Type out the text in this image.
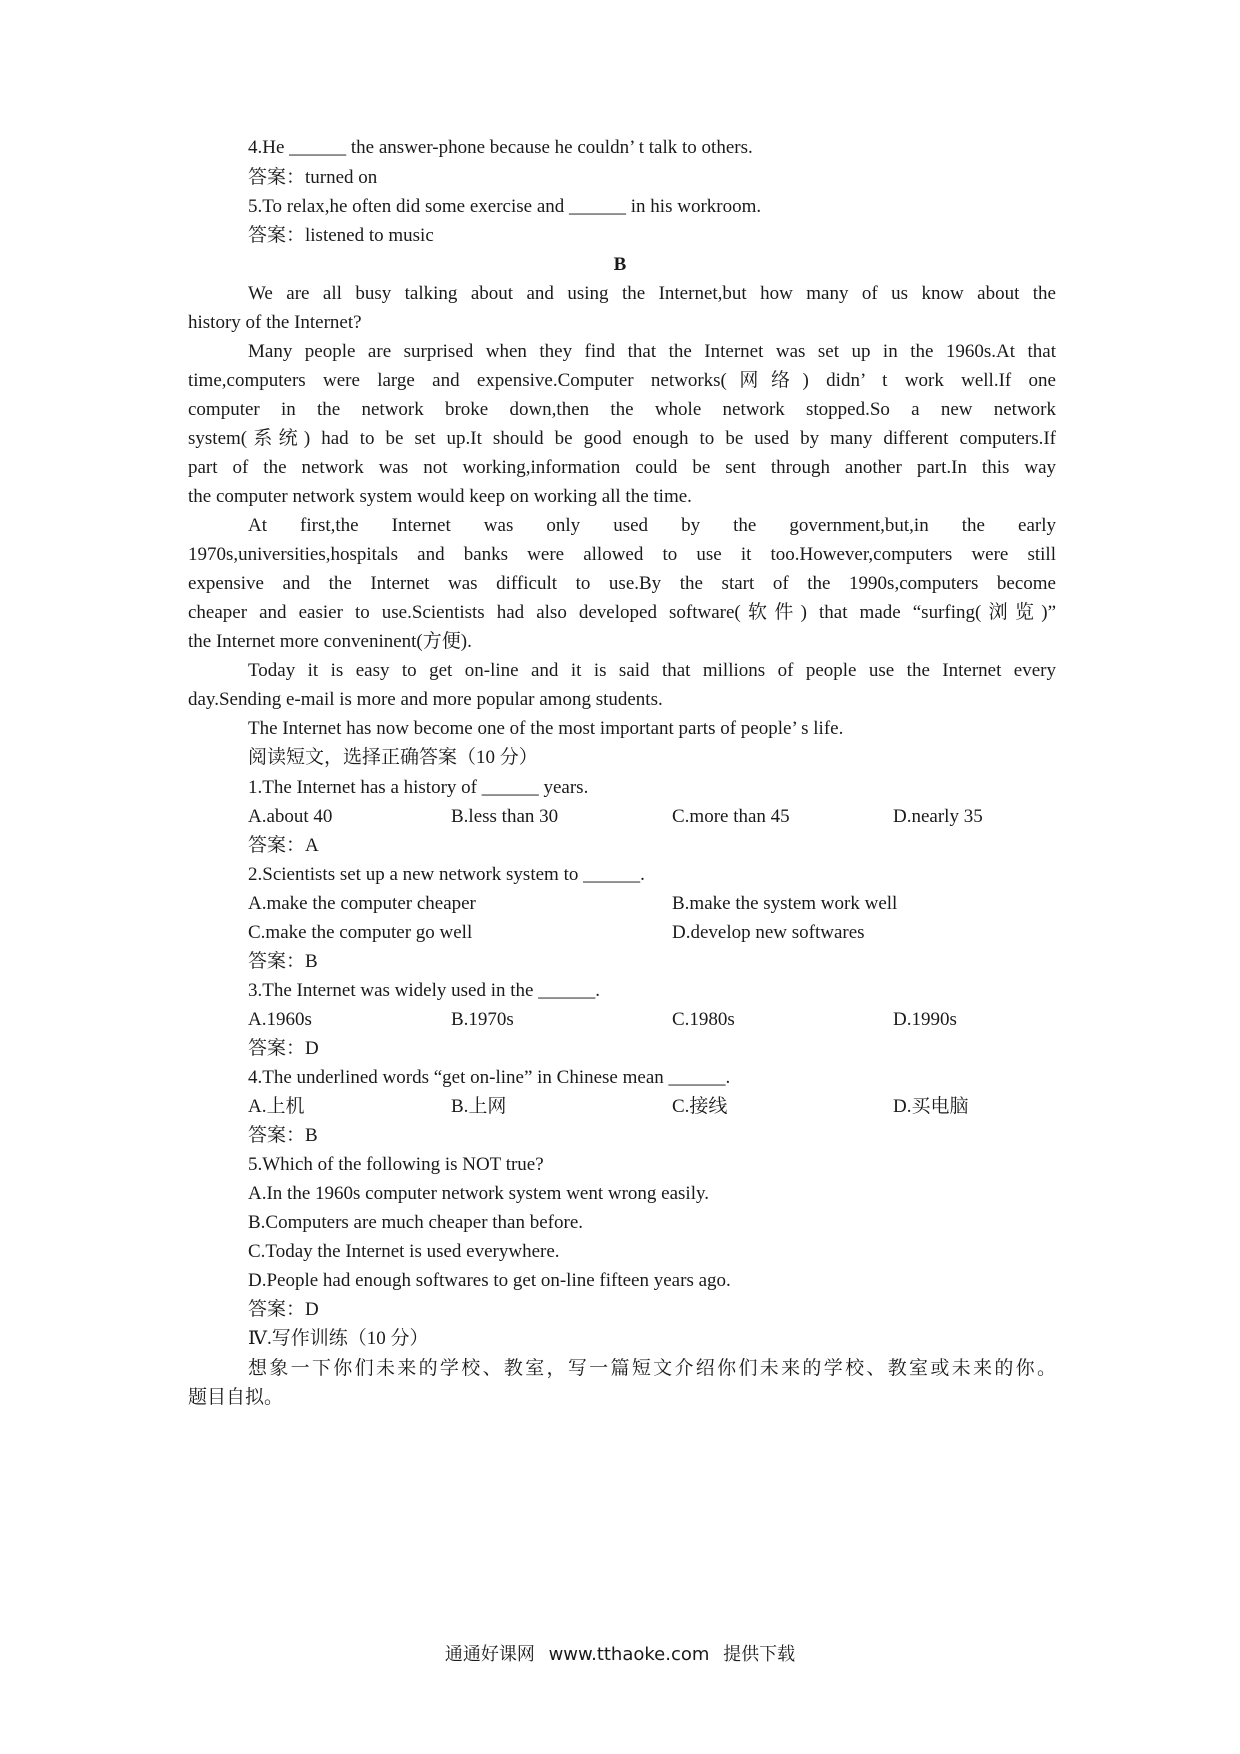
4.He ______ the answer-phone because he couldn’ t talk to others.
答案：turned on
5.To relax,he often did some exercise and ______ in his workroom.
答案：listened to music
B
We are all busy talking about and using the Internet,but how many of us know about the
history of the Internet?
Many people are surprised when they find that the Internet was set up in the 1960s.At that
time,computers were large and expensive.Computer networks(网络) didn’ t work well.If one
computer in the network broke down,then the whole network stopped.So a new network
system(系统) had to be set up.It should be good enough to be used by many different computers.If
part of the network was not working,information could be sent through another part.In this way
the computer network system would keep on working all the time.
At first,the Internet was only used by the government,but,in the early
1970s,universities,hospitals and banks were allowed to use it too.However,computers were still
expensive and the Internet was difficult to use.By the start of the 1990s,computers become
cheaper and easier to use.Scientists had also developed software(软件) that made “surfing(浏览)”
the Internet more conveninent(方便).
Today it is easy to get on-line and it is said that millions of people use the Internet every
day.Sending e-mail is more and more popular among students.
The Internet has now become one of the most important parts of people’ s life.
阅读短文，选择正确答案（10 分）
1.The Internet has a history of ______ years.
A.about 40	B.less than 30	C.more than 45	D.nearly 35
答案：A
2.Scientists set up a new network system to ______.
A.make the computer cheaper	B.make the system work well
C.make the computer go well	D.develop new softwares
答案：B
3.The Internet was widely used in the ______.
A.1960s	B.1970s	C.1980s	D.1990s
答案：D
4.The underlined words “get on-line” in Chinese mean ______.
A.上机	B.上网	C.接线	D.买电脑
答案：B
5.Which of the following is NOT true?
A.In the 1960s computer network system went wrong easily.
B.Computers are much cheaper than before.
C.Today the Internet is used everywhere.
D.People had enough softwares to get on-line fifteen years ago.
答案：D
Ⅳ.写作训练（10 分）
想象一下你们未来的学校、教室，写一篇短文介绍你们未来的学校、教室或未来的你。
题目自拟。
通通好课网 www.tthaoke.com 提供下载
